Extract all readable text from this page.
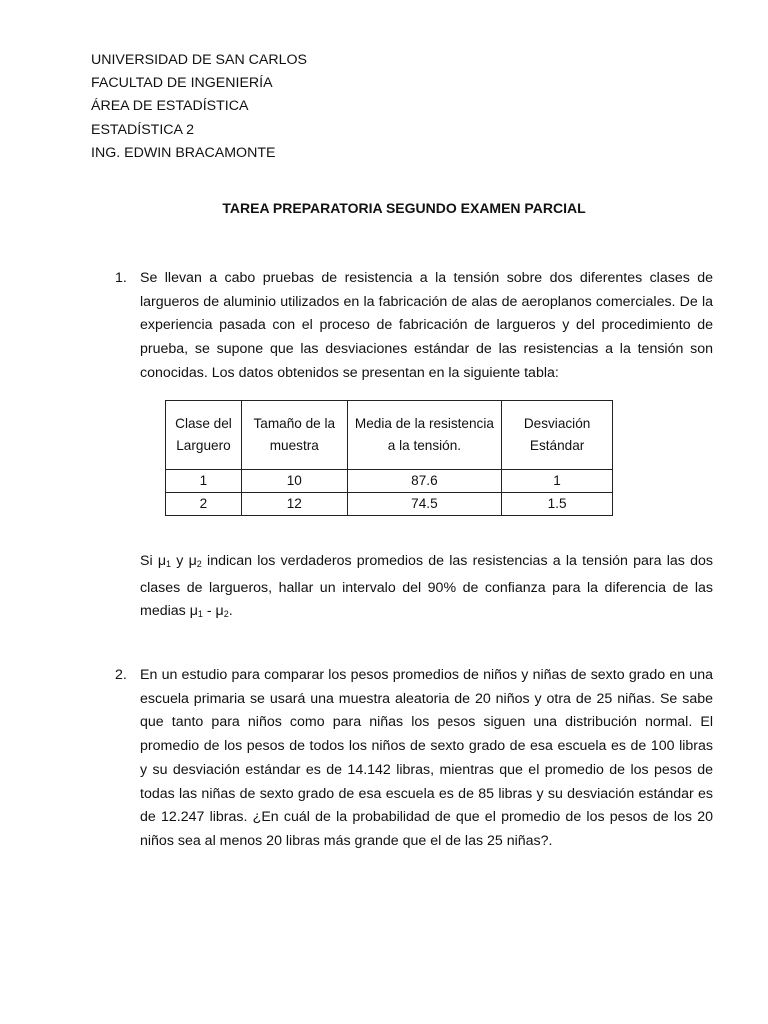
UNIVERSIDAD DE SAN CARLOS
FACULTAD DE INGENIERÍA
ÁREA DE ESTADÍSTICA
ESTADÍSTICA 2
ING. EDWIN BRACAMONTE
TAREA PREPARATORIA SEGUNDO EXAMEN PARCIAL
1. Se llevan a cabo pruebas de resistencia a la tensión sobre dos diferentes clases de largueros de aluminio utilizados en la fabricación de alas de aeroplanos comerciales. De la experiencia pasada con el proceso de fabricación de largueros y del procedimiento de prueba, se supone que las desviaciones estándar de las resistencias a la tensión son conocidas. Los datos obtenidos se presentan en la siguiente tabla:
Clase del Larguero	Tamaño de la muestra	Media de la resistencia a la tensión.	Desviación Estándar
1	10	87.6	1
2	12	74.5	1.5
Si $\mu_1$ y $\mu_2$ indican los verdaderos promedios de las resistencias a la tensión para las dos clases de largueros, hallar un intervalo del 90% de confianza para la diferencia de las medias $\mu_1 - \mu_2$.
2. En un estudio para comparar los pesos promedios de niños y niñas de sexto grado en una escuela primaria se usará una muestra aleatoria de 20 niños y otra de 25 niñas. Se sabe que tanto para niños como para niñas los pesos siguen una distribución normal. El promedio de los pesos de todos los niños de sexto grado de esa escuela es de 100 libras y su desviación estándar es de 14.142 libras, mientras que el promedio de los pesos de todas las niñas de sexto grado de esa escuela es de 85 libras y su desviación estándar es de 12.247 libras. ¿En cuál de la probabilidad de que el promedio de los pesos de los 20 niños sea al menos 20 libras más grande que el de las 25 niñas?.
